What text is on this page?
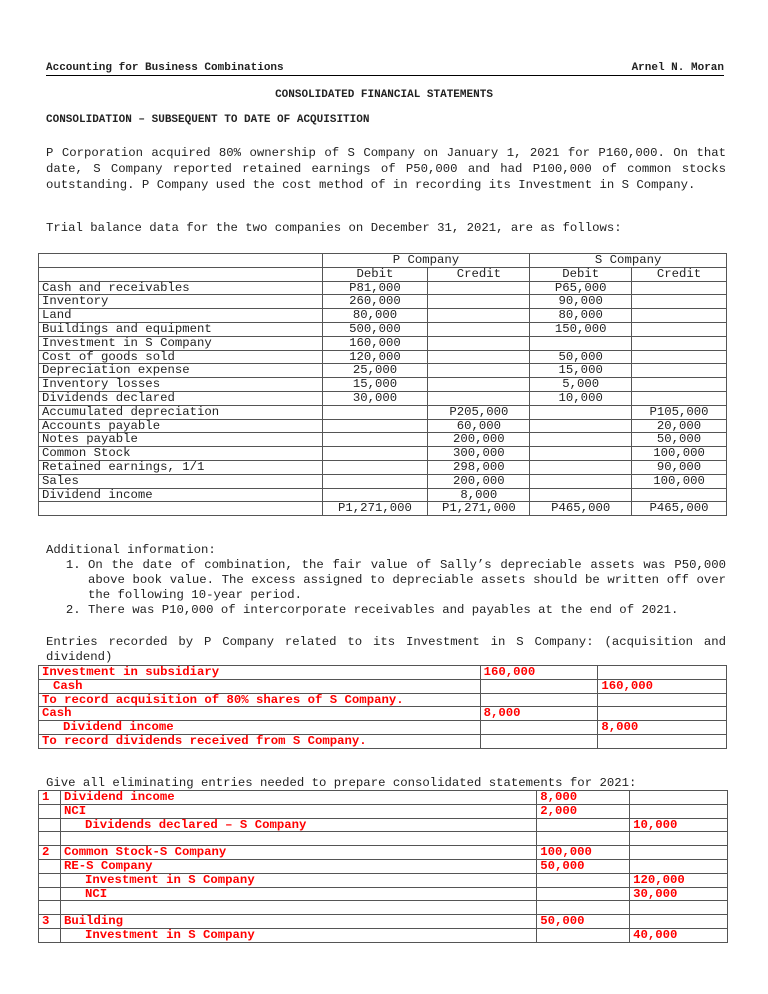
Accounting for Business Combinations	Arnel N. Moran
CONSOLIDATED FINANCIAL STATEMENTS
CONSOLIDATION – SUBSEQUENT TO DATE OF ACQUISITION
P Corporation acquired 80% ownership of S Company on January 1, 2021 for P160,000. On that date, S Company reported retained earnings of P50,000 and had P100,000 of common stocks outstanding. P Company used the cost method of in recording its Investment in S Company.
Trial balance data for the two companies on December 31, 2021, are as follows:
	P Company		S Company	
	Debit	Credit	Debit	Credit
Cash and receivables	P81,000		P65,000	
Inventory	260,000		90,000	
Land	80,000		80,000	
Buildings and equipment	500,000		150,000	
Investment in S Company	160,000			
Cost of goods sold	120,000		50,000	
Depreciation expense	25,000		15,000	
Inventory losses	15,000		5,000	
Dividends declared	30,000		10,000	
Accumulated depreciation		P205,000		P105,000
Accounts payable		60,000		20,000
Notes payable		200,000		50,000
Common Stock		300,000		100,000
Retained earnings, 1/1		298,000		90,000
Sales		200,000		100,000
Dividend income		8,000		
	P1,271,000	P1,271,000	P465,000	P465,000
Additional information:
1. On the date of combination, the fair value of Sally’s depreciable assets was P50,000 above book value. The excess assigned to depreciable assets should be written off over the following 10-year period.
2. There was P10,000 of intercorporate receivables and payables at the end of 2021.
Entries recorded by P Company related to its Investment in S Company: (acquisition and dividend)
Investment in subsidiary	160,000	
Cash		160,000
To record acquisition of 80% shares of S Company.		
Cash	8,000	
Dividend income		8,000
To record dividends received from S Company.		
Give all eliminating entries needed to prepare consolidated statements for 2021:
1	Dividend income	8,000	
	NCI	2,000	
	Dividends declared – S Company		10,000

2	Common Stock-S Company	100,000	
	RE-S Company	50,000	
	Investment in S Company		120,000
	NCI		30,000

3	Building	50,000	
	Investment in S Company		40,000
